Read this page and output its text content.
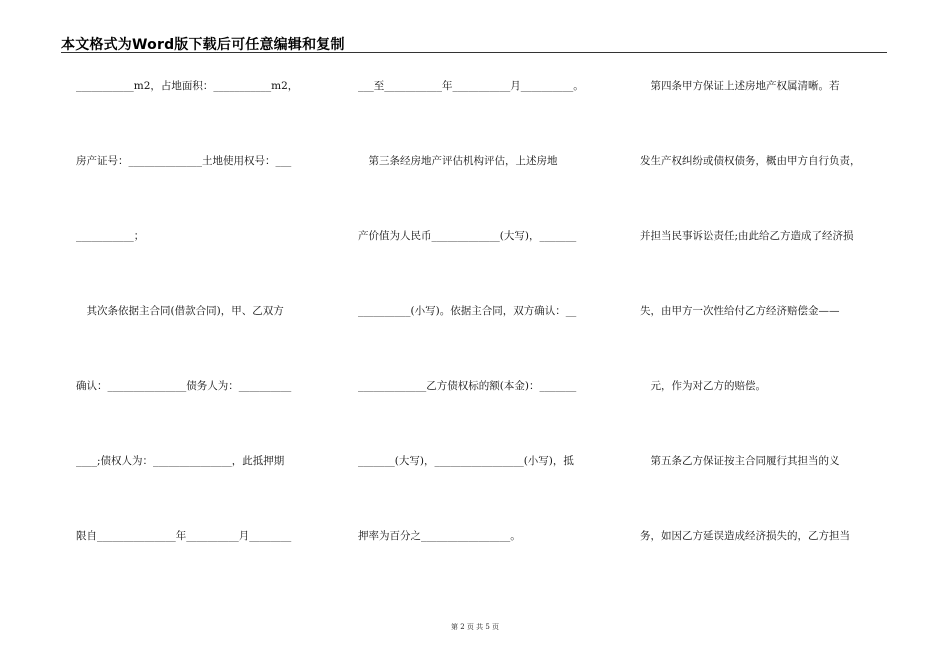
本文格式为Word版下载后可任意编辑和复制
___________m2，占地面积：___________m2，
房产证号：______________土地使用权号：___
___________；
　其次条依据主合同(借款合同)，甲、乙双方
确认：_______________债务人为：__________
____;债权人为：_______________，此抵押期
限自_______________年__________月________
___至___________年___________月__________。
　第三条经房地产评估机构评估，上述房地
产价值为人民币_____________(大写)，_______
__________(小写)。依据主合同，双方确认：__
_____________乙方债权标的额(本金)：_______
_______(大写)，_________________(小写)，抵
押率为百分之_________________。
　第四条甲方保证上述房地产权属清晰。若
发生产权纠纷或债权债务，概由甲方自行负责，
并担当民事诉讼责任;由此给乙方造成了经济损
失，由甲方一次性给付乙方经济赔偿金——
　元，作为对乙方的赔偿。
　第五条乙方保证按主合同履行其担当的义
务，如因乙方延误造成经济损失的，乙方担当
第 2 页 共 5 页
